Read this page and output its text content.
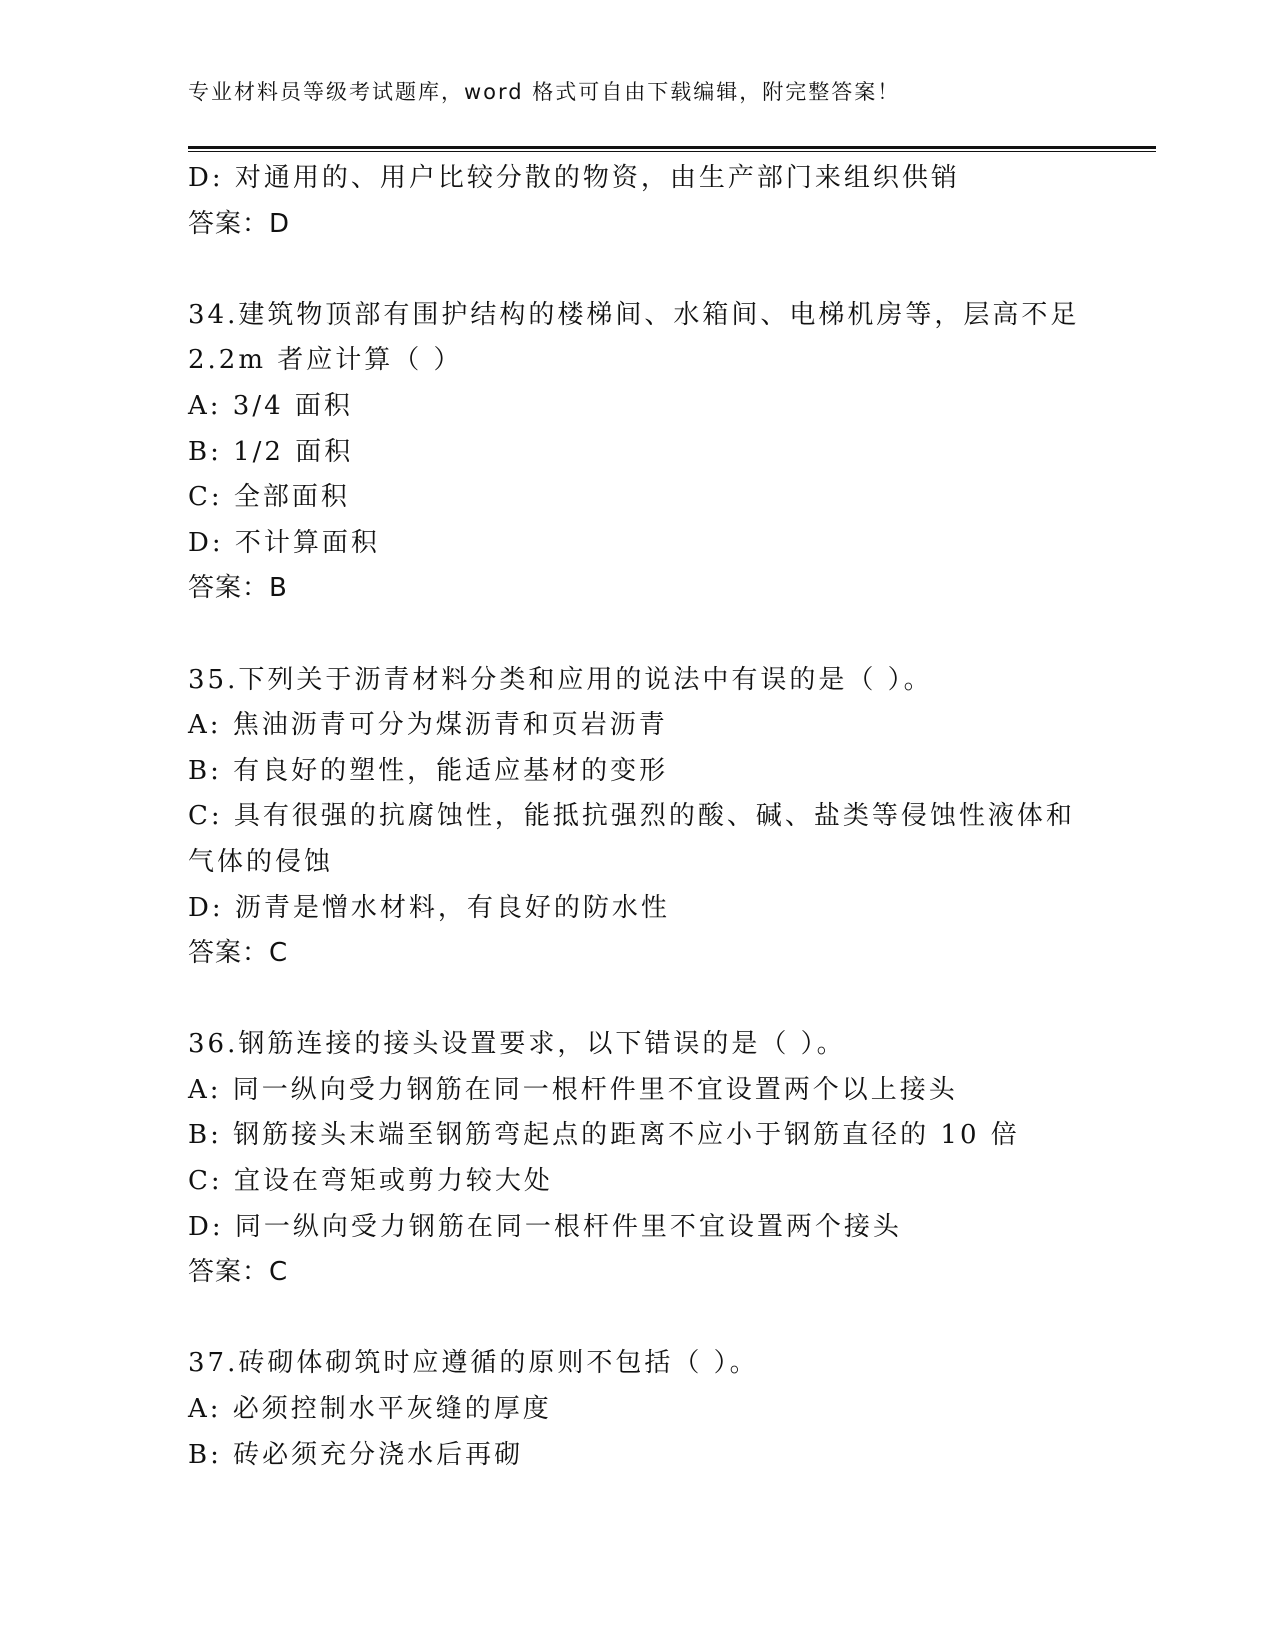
专业材料员等级考试题库，word 格式可自由下载编辑，附完整答案！
D: 对通用的、用户比较分散的物资，由生产部门来组织供销
答案：D
34.建筑物顶部有围护结构的楼梯间、水箱间、电梯机房等，层高不足
2.2m 者应计算（ ）
A: 3/4 面积
B: 1/2 面积
C: 全部面积
D: 不计算面积
答案：B
35.下列关于沥青材料分类和应用的说法中有误的是（ ）。
A: 焦油沥青可分为煤沥青和页岩沥青
B: 有良好的塑性，能适应基材的变形
C: 具有很强的抗腐蚀性，能抵抗强烈的酸、碱、盐类等侵蚀性液体和
气体的侵蚀
D: 沥青是憎水材料，有良好的防水性
答案：C
36.钢筋连接的接头设置要求，以下错误的是（ ）。
A: 同一纵向受力钢筋在同一根杆件里不宜设置两个以上接头
B: 钢筋接头末端至钢筋弯起点的距离不应小于钢筋直径的 10 倍
C: 宜设在弯矩或剪力较大处
D: 同一纵向受力钢筋在同一根杆件里不宜设置两个接头
答案：C
37.砖砌体砌筑时应遵循的原则不包括（ ）。
A: 必须控制水平灰缝的厚度
B: 砖必须充分浇水后再砌
